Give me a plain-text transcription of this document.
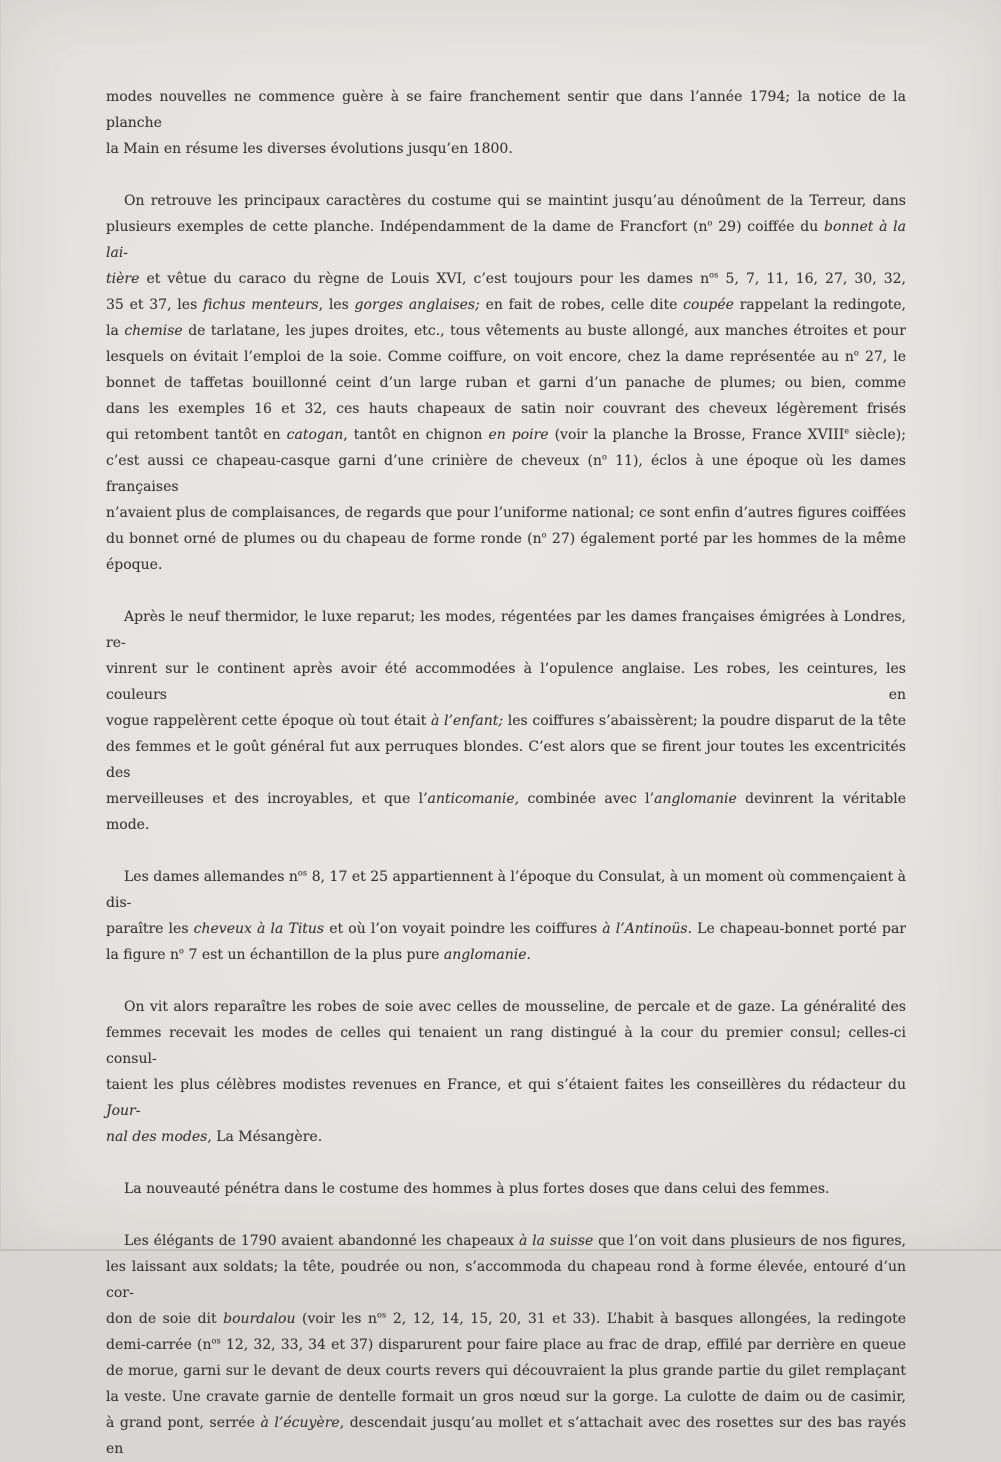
modes nouvelles ne commence guère à se faire franchement sentir que dans l’année 1794; la notice de la planche
la Main en résume les diverses évolutions jusqu’en 1800.
On retrouve les principaux caractères du costume qui se maintint jusqu’au dénoûment de la Terreur, dans
plusieurs exemples de cette planche. Indépendamment de la dame de Francfort ($n^o$ 29) coiffée du bonnet à la lai-
tière et vêtue du caraco du règne de Louis XVI, c’est toujours pour les dames $n^{os}$ 5, 7, 11, 16, 27, 30, 32,
35 et 37, les fichus menteurs, les gorges anglaises; en fait de robes, celle dite coupée rappelant la redingote,
la chemise de tarlatane, les jupes droites, etc., tous vêtements au buste allongé, aux manches étroites et pour
lesquels on évitait l’emploi de la soie. Comme coiffure, on voit encore, chez la dame représentée au $n^o$ 27, le
bonnet de taffetas bouillonné ceint d’un large ruban et garni d’un panache de plumes; ou bien, comme
dans les exemples 16 et 32, ces hauts chapeaux de satin noir couvrant des cheveux légèrement frisés
qui retombent tantôt en catogan, tantôt en chignon en poire (voir la planche la Brosse, France XVIIIe siècle);
c’est aussi ce chapeau-casque garni d’une crinière de cheveux ($n^o$ 11), éclos à une époque où les dames françaises
n’avaient plus de complaisances, de regards que pour l’uniforme national; ce sont enfin d’autres figures coiffées
du bonnet orné de plumes ou du chapeau de forme ronde ($n^o$ 27) également porté par les hommes de la même
époque.
Après le neuf thermidor, le luxe reparut; les modes, régentées par les dames françaises émigrées à Londres, re-
vinrent sur le continent après avoir été accommodées à l’opulence anglaise. Les robes, les ceintures, les couleurs en
vogue rappelèrent cette époque où tout était à l’enfant; les coiffures s’abaissèrent; la poudre disparut de la tête
des femmes et le goût général fut aux perruques blondes. C’est alors que se firent jour toutes les excentricités des
merveilleuses et des incroyables, et que l’anticomanie, combinée avec l’anglomanie devinrent la véritable mode.
Les dames allemandes $n^{os}$ 8, 17 et 25 appartiennent à l’époque du Consulat, à un moment où commençaient à dis-
paraître les cheveux à la Titus et où l’on voyait poindre les coiffures à l’Antinoüs. Le chapeau-bonnet porté par
la figure $n^o$ 7 est un échantillon de la plus pure anglomanie.
On vit alors reparaître les robes de soie avec celles de mousseline, de percale et de gaze. La généralité des
femmes recevait les modes de celles qui tenaient un rang distingué à la cour du premier consul; celles-ci consul-
taient les plus célèbres modistes revenues en France, et qui s’étaient faites les conseillères du rédacteur du Jour-
nal des modes, La Mésangère.
La nouveauté pénétra dans le costume des hommes à plus fortes doses que dans celui des femmes.
Les élégants de 1790 avaient abandonné les chapeaux à la suisse que l’on voit dans plusieurs de nos figures,
les laissant aux soldats; la tête, poudrée ou non, s’accommoda du chapeau rond à forme élevée, entouré d’un cor-
don de soie dit bourdalou (voir les $n^{os}$ 2, 12, 14, 15, 20, 31 et 33). L’habit à basques allongées, la redingote
demi-carrée ($n^{os}$ 12, 32, 33, 34 et 37) disparurent pour faire place au frac de drap, effilé par derrière en queue
de morue, garni sur le devant de deux courts revers qui découvraient la plus grande partie du gilet remplaçant
la veste. Une cravate garnie de dentelle formait un gros nœud sur la gorge. La culotte de daim ou de casimir,
à grand pont, serrée à l’écuyère, descendait jusqu’au mollet et s’attachait avec des rosettes sur des bas rayés en
